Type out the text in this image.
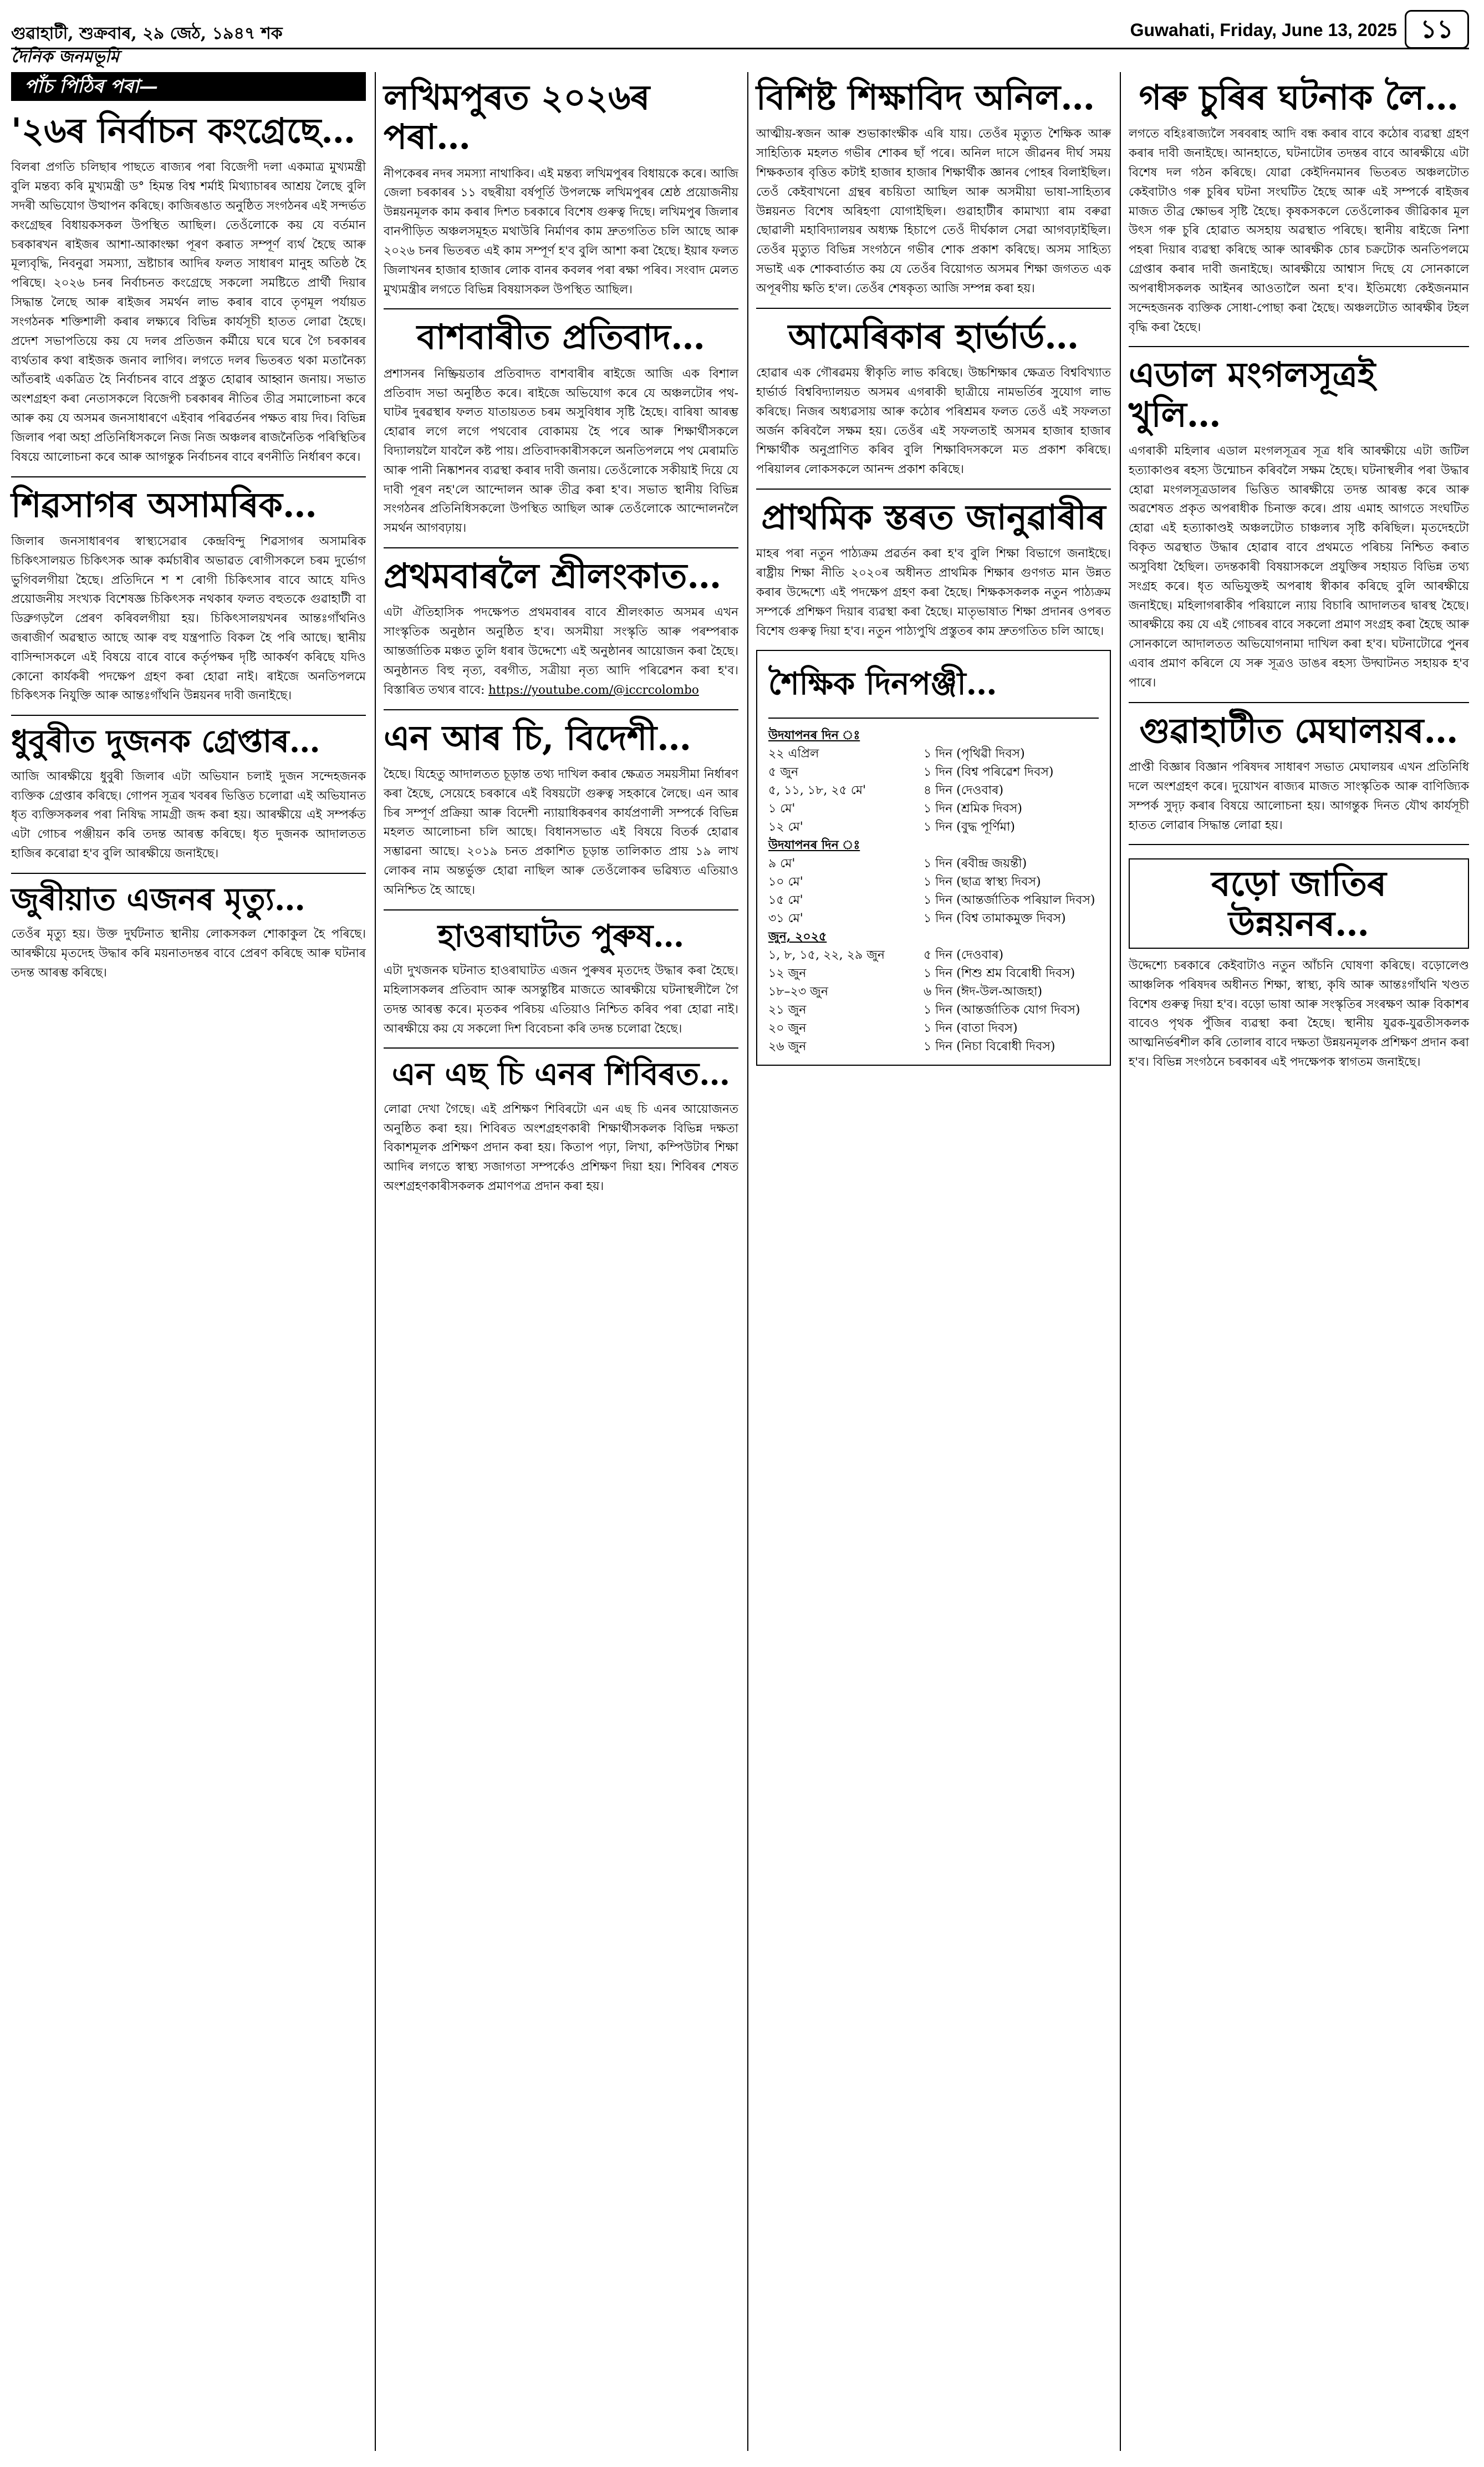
গুৱাহাটী, শুক্ৰবাৰ, ২৯ জেঠ, ১৯৪৭ শক	Guwahati, Friday, June 13, 2025 ১১
দৈনিক জনমভূমি
পাঁচ পিঠিৰ পৰা—
'২৬ৰ নিৰ্বাচন কংগ্ৰেছে…

বিলৰা প্ৰগতি চলিছাৰ পাছতে ৰাজ্যৰ পৰা বিজেপী দলা একমাত্ৰ মুখ্যমন্ত্ৰী বুলি মন্তব্য কৰি মুখ্যমন্ত্ৰী ড° হিমন্ত বিশ্ব শৰ্মাই মিথ্যাচাৰৰ আশ্ৰয় লৈছে বুলি সদৰী অভিযোগ উত্থাপন কৰিছে। কাজিৰঙাত অনুষ্ঠিত সংগঠনৰ এই সন্দৰ্ভত কংগ্ৰেছৰ বিধায়কসকল উপস্থিত আছিল। তেওঁলোকে কয় যে বৰ্তমান চৰকাৰখন ৰাইজৰ আশা-আকাংক্ষা পূৰণ কৰাত সম্পূৰ্ণ ব্যৰ্থ হৈছে আৰু মূল্যবৃদ্ধি, নিবনুৱা সমস্যা, ভ্ৰষ্টাচাৰ আদিৰ ফলত সাধাৰণ মানুহ অতিষ্ঠ হৈ পৰিছে। ২০২৬ চনৰ নিৰ্বাচনত কংগ্ৰেছে সকলো সমষ্টিতে প্ৰাৰ্থী দিয়াৰ সিদ্ধান্ত লৈছে আৰু ৰাইজৰ সমৰ্থন লাভ কৰাৰ বাবে তৃণমূল পৰ্যায়ত সংগঠনক শক্তিশালী কৰাৰ লক্ষ্যৰে বিভিন্ন কাৰ্যসূচী হাতত লোৱা হৈছে। প্ৰদেশ সভাপতিয়ে কয় যে দলৰ প্ৰতিজন কৰ্মীয়ে ঘৰে ঘৰে গৈ চৰকাৰৰ ব্যৰ্থতাৰ কথা ৰাইজক জনাব লাগিব। লগতে দলৰ ভিতৰত থকা মতানৈক্য আঁতৰাই একত্ৰিত হৈ নিৰ্বাচনৰ বাবে প্ৰস্তুত হোৱাৰ আহ্বান জনায়। সভাত অংশগ্ৰহণ কৰা নেতাসকলে বিজেপী চৰকাৰৰ নীতিৰ তীব্ৰ সমালোচনা কৰে আৰু কয় যে অসমৰ জনসাধাৰণে এইবাৰ পৰিৱৰ্তনৰ পক্ষত ৰায় দিব। বিভিন্ন জিলাৰ পৰা অহা প্ৰতিনিধিসকলে নিজ নিজ অঞ্চলৰ ৰাজনৈতিক পৰিস্থিতিৰ বিষয়ে আলোচনা কৰে আৰু আগন্তুক নিৰ্বাচনৰ বাবে ৰণনীতি নিৰ্ধাৰণ কৰে।

শিৱসাগৰ অসামৰিক…

জিলাৰ জনসাধাৰণৰ স্বাস্থ্যসেৱাৰ কেন্দ্ৰবিন্দু শিৱসাগৰ অসামৰিক চিকিৎসালয়ত চিকিৎসক আৰু কৰ্মচাৰীৰ অভাৱত ৰোগীসকলে চৰম দুৰ্ভোগ ভুগিবলগীয়া হৈছে। প্ৰতিদিনে শ শ ৰোগী চিকিৎসাৰ বাবে আহে যদিও প্ৰয়োজনীয় সংখ্যক বিশেষজ্ঞ চিকিৎসক নথকাৰ ফলত বহুতকে গুৱাহাটী বা ডিব্ৰুগড়লৈ প্ৰেৰণ কৰিবলগীয়া হয়। চিকিৎসালয়খনৰ আন্তঃগাঁথনিও জৰাজীৰ্ণ অৱস্থাত আছে আৰু বহু যন্ত্ৰপাতি বিকল হৈ পৰি আছে। স্থানীয় বাসিন্দাসকলে এই বিষয়ে বাৰে বাৰে কৰ্তৃপক্ষৰ দৃষ্টি আকৰ্ষণ কৰিছে যদিও কোনো কাৰ্যকৰী পদক্ষেপ গ্ৰহণ কৰা হোৱা নাই। ৰাইজে অনতিপলমে চিকিৎসক নিযুক্তি আৰু আন্তঃগাঁথনি উন্নয়নৰ দাবী জনাইছে।

ধুবুৰীত দুজনক গ্ৰেপ্তাৰ…

আজি আৰক্ষীয়ে ধুবুৰী জিলাৰ এটা অভিযান চলাই দুজন সন্দেহজনক ব্যক্তিক গ্ৰেপ্তাৰ কৰিছে। গোপন সূত্ৰৰ খবৰৰ ভিত্তিত চলোৱা এই অভিযানত ধৃত ব্যক্তিসকলৰ পৰা নিষিদ্ধ সামগ্ৰী জব্দ কৰা হয়। আৰক্ষীয়ে এই সম্পৰ্কত এটা গোচৰ পঞ্জীয়ন কৰি তদন্ত আৰম্ভ কৰিছে। ধৃত দুজনক আদালতত হাজিৰ কৰোৱা হ'ব বুলি আৰক্ষীয়ে জনাইছে।

জুৰীয়াত এজনৰ মৃত্যু…

তেওঁৰ মৃত্যু হয়। উক্ত দুৰ্ঘটনাত স্থানীয় লোকসকল শোকাকুল হৈ পৰিছে। আৰক্ষীয়ে মৃতদেহ উদ্ধাৰ কৰি ময়নাতদন্তৰ বাবে প্ৰেৰণ কৰিছে আৰু ঘটনাৰ তদন্ত আৰম্ভ কৰিছে।

লখিমপুৰত ২০২৬ৰ পৰা…

নীপকেৰৰ নদৰ সমস্যা নাথাকিব। এই মন্তব্য লখিমপুৰৰ বিধায়কে কৰে। আজি জেলা চৰকাৰৰ ১১ বছৰীয়া বৰ্ষপূৰ্তি উপলক্ষে লখিমপুৰৰ শ্ৰেষ্ঠ প্ৰয়োজনীয় উন্নয়নমূলক কাম কৰাৰ দিশত চৰকাৰে বিশেষ গুৰুত্ব দিছে। লখিমপুৰ জিলাৰ বানপীড়িত অঞ্চলসমূহত মথাউৰি নিৰ্মাণৰ কাম দ্ৰুতগতিত চলি আছে আৰু ২০২৬ চনৰ ভিতৰত এই কাম সম্পূৰ্ণ হ'ব বুলি আশা কৰা হৈছে। ইয়াৰ ফলত জিলাখনৰ হাজাৰ হাজাৰ লোক বানৰ কবলৰ পৰা ৰক্ষা পৰিব। সংবাদ মেলত মুখ্যমন্ত্ৰীৰ লগতে বিভিন্ন বিষয়াসকল উপস্থিত আছিল।

বাশবাৰীত প্ৰতিবাদ…

প্ৰশাসনৰ নিষ্ক্ৰিয়তাৰ প্ৰতিবাদত বাশবাৰীৰ ৰাইজে আজি এক বিশাল প্ৰতিবাদ সভা অনুষ্ঠিত কৰে। ৰাইজে অভিযোগ কৰে যে অঞ্চলটোৰ পথ-ঘাটৰ দুৰৱস্থাৰ ফলত যাতায়তত চৰম অসুবিধাৰ সৃষ্টি হৈছে। বাৰিষা আৰম্ভ হোৱাৰ লগে লগে পথবোৰ বোকাময় হৈ পৰে আৰু শিক্ষাৰ্থীসকলে বিদ্যালয়লৈ যাবলৈ কষ্ট পায়। প্ৰতিবাদকাৰীসকলে অনতিপলমে পথ মেৰামতি আৰু পানী নিষ্কাশনৰ ব্যৱস্থা কৰাৰ দাবী জনায়। তেওঁলোকে সকীয়াই দিয়ে যে দাবী পূৰণ নহ'লে আন্দোলন আৰু তীব্ৰ কৰা হ'ব। সভাত স্থানীয় বিভিন্ন সংগঠনৰ প্ৰতিনিধিসকলো উপস্থিত আছিল আৰু তেওঁলোকে আন্দোলনলৈ সমৰ্থন আগবঢ়ায়।

প্ৰথমবাৰলৈ শ্ৰীলংকাত…

এটা ঐতিহাসিক পদক্ষেপত প্ৰথমবাৰৰ বাবে শ্ৰীলংকাত অসমৰ এখন সাংস্কৃতিক অনুষ্ঠান অনুষ্ঠিত হ'ব। অসমীয়া সংস্কৃতি আৰু পৰম্পৰাক আন্তৰ্জাতিক মঞ্চত তুলি ধৰাৰ উদ্দেশ্যে এই অনুষ্ঠানৰ আয়োজন কৰা হৈছে। অনুষ্ঠানত বিহু নৃত্য, বৰগীত, সত্ৰীয়া নৃত্য আদি পৰিৱেশন কৰা হ'ব। বিস্তাৰিত তথ্যৰ বাবে: https://youtube.com/@iccrcolombo

এন আৰ চি, বিদেশী…

হৈছে। যিহেতু আদালতত চূড়ান্ত তথ্য দাখিল কৰাৰ ক্ষেত্ৰত সময়সীমা নিৰ্ধাৰণ কৰা হৈছে, সেয়েহে চৰকাৰে এই বিষয়টো গুৰুত্ব সহকাৰে লৈছে। এন আৰ চিৰ সম্পূৰ্ণ প্ৰক্ৰিয়া আৰু বিদেশী ন্যায়াধিকৰণৰ কাৰ্যপ্ৰণালী সম্পৰ্কে বিভিন্ন মহলত আলোচনা চলি আছে। বিধানসভাত এই বিষয়ে বিতৰ্ক হোৱাৰ সম্ভাৱনা আছে। ২০১৯ চনত প্ৰকাশিত চূড়ান্ত তালিকাত প্ৰায় ১৯ লাখ লোকৰ নাম অন্তৰ্ভুক্ত হোৱা নাছিল আৰু তেওঁলোকৰ ভৱিষ্যত এতিয়াও অনিশ্চিত হৈ আছে।

হাওৰাঘাটত পুৰুষ…

এটা দুখজনক ঘটনাত হাওৰাঘাটত এজন পুৰুষৰ মৃতদেহ উদ্ধাৰ কৰা হৈছে। মহিলাসকলৰ প্ৰতিবাদ আৰু অসন্তুষ্টিৰ মাজতে আৰক্ষীয়ে ঘটনাস্থলীলৈ গৈ তদন্ত আৰম্ভ কৰে। মৃতকৰ পৰিচয় এতিয়াও নিশ্চিত কৰিব পৰা হোৱা নাই। আৰক্ষীয়ে কয় যে সকলো দিশ বিবেচনা কৰি তদন্ত চলোৱা হৈছে।

এন এছ চি এনৰ শিবিৰত…

লোৱা দেখা গৈছে। এই প্ৰশিক্ষণ শিবিৰটো এন এছ চি এনৰ আয়োজনত অনুষ্ঠিত কৰা হয়। শিবিৰত অংশগ্ৰহণকাৰী শিক্ষাৰ্থীসকলক বিভিন্ন দক্ষতা বিকাশমূলক প্ৰশিক্ষণ প্ৰদান কৰা হয়। কিতাপ পঢ়া, লিখা, কম্পিউটাৰ শিক্ষা আদিৰ লগতে স্বাস্থ্য সজাগতা সম্পৰ্কেও প্ৰশিক্ষণ দিয়া হয়। শিবিৰৰ শেষত অংশগ্ৰহণকাৰীসকলক প্ৰমাণপত্ৰ প্ৰদান কৰা হয়।

বিশিষ্ট শিক্ষাবিদ অনিল…

আত্মীয়-স্বজন আৰু শুভাকাংক্ষীক এৰি যায়। তেওঁৰ মৃত্যুত শৈক্ষিক আৰু সাহিত্যিক মহলত গভীৰ শোকৰ ছাঁ পৰে। অনিল দাসে জীৱনৰ দীৰ্ঘ সময় শিক্ষকতাৰ বৃত্তিত কটাই হাজাৰ হাজাৰ শিক্ষাৰ্থীক জ্ঞানৰ পোহৰ বিলাইছিল। তেওঁ কেইবাখনো গ্ৰন্থৰ ৰচয়িতা আছিল আৰু অসমীয়া ভাষা-সাহিত্যৰ উন্নয়নত বিশেষ অৰিহণা যোগাইছিল। গুৱাহাটীৰ কামাখ্যা ৰাম বৰুৱা ছোৱালী মহাবিদ্যালয়ৰ অধ্যক্ষ হিচাপে তেওঁ দীৰ্ঘকাল সেৱা আগবঢ়াইছিল। তেওঁৰ মৃত্যুত বিভিন্ন সংগঠনে গভীৰ শোক প্ৰকাশ কৰিছে। অসম সাহিত্য সভাই এক শোকবাৰ্তাত কয় যে তেওঁৰ বিয়োগত অসমৰ শিক্ষা জগতত এক অপূৰণীয় ক্ষতি হ'ল। তেওঁৰ শেষকৃত্য আজি সম্পন্ন কৰা হয়।

আমেৰিকাৰ হাৰ্ভাৰ্ড…

হোৱাৰ এক গৌৰৱময় স্বীকৃতি লাভ কৰিছে। উচ্চশিক্ষাৰ ক্ষেত্ৰত বিশ্ববিখ্যাত হাৰ্ভাৰ্ড বিশ্ববিদ্যালয়ত অসমৰ এগৰাকী ছাত্ৰীয়ে নামভৰ্তিৰ সুযোগ লাভ কৰিছে। নিজৰ অধ্যৱসায় আৰু কঠোৰ পৰিশ্ৰমৰ ফলত তেওঁ এই সফলতা অৰ্জন কৰিবলৈ সক্ষম হয়। তেওঁৰ এই সফলতাই অসমৰ হাজাৰ হাজাৰ শিক্ষাৰ্থীক অনুপ্ৰাণিত কৰিব বুলি শিক্ষাবিদসকলে মত প্ৰকাশ কৰিছে। পৰিয়ালৰ লোকসকলে আনন্দ প্ৰকাশ কৰিছে।

প্ৰাথমিক স্তৰত জানুৱাৰীৰ

মাহৰ পৰা নতুন পাঠ্যক্ৰম প্ৰৱৰ্তন কৰা হ'ব বুলি শিক্ষা বিভাগে জনাইছে। ৰাষ্ট্ৰীয় শিক্ষা নীতি ২০২০ৰ অধীনত প্ৰাথমিক শিক্ষাৰ গুণগত মান উন্নত কৰাৰ উদ্দেশ্যে এই পদক্ষেপ গ্ৰহণ কৰা হৈছে। শিক্ষকসকলক নতুন পাঠ্যক্ৰম সম্পৰ্কে প্ৰশিক্ষণ দিয়াৰ ব্যৱস্থা কৰা হৈছে। মাতৃভাষাত শিক্ষা প্ৰদানৰ ওপৰত বিশেষ গুৰুত্ব দিয়া হ'ব। নতুন পাঠ্যপুথি প্ৰস্তুতৰ কাম দ্ৰুতগতিত চলি আছে।

শৈক্ষিক দিনপঞ্জী…
উদযাপনৰ দিন ঃ
২২ এপ্ৰিল	১ দিন (পৃথিৱী দিবস)
৫ জুন	১ দিন (বিশ্ব পৰিৱেশ দিবস)
৫, ১১, ১৮, ২৫ মে'	৪ দিন (দেওবাৰ)
১ মে'	১ দিন (শ্ৰমিক দিবস)
১২ মে'	১ দিন (বুদ্ধ পূৰ্ণিমা)
উদযাপনৰ দিন ঃ
৯ মে'	১ দিন (ৰবীন্দ্ৰ জয়ন্তী)
১০ মে'	১ দিন (ছাত্ৰ স্বাস্থ্য দিবস)
১৫ মে'	১ দিন (আন্তৰ্জাতিক পৰিয়াল দিবস)
৩১ মে'	১ দিন (বিশ্ব তামাকমুক্ত দিবস)
জুন, ২০২৫
১, ৮, ১৫, ২২, ২৯ জুন	৫ দিন (দেওবাৰ)
১২ জুন	১ দিন (শিশু শ্ৰম বিৰোধী দিবস)
১৮–২৩ জুন	৬ দিন (ঈদ-উল-আজহা)
২১ জুন	১ দিন (আন্তৰ্জাতিক যোগ দিবস)
২০ জুন	১ দিন (বাতা দিবস)
২৬ জুন	১ দিন (নিচা বিৰোধী দিবস)
গৰু চুৰিৰ ঘটনাক লৈ…

লগতে বহিঃৰাজ্যলৈ সৰবৰাহ আদি বন্ধ কৰাৰ বাবে কঠোৰ ব্যৱস্থা গ্ৰহণ কৰাৰ দাবী জনাইছে। আনহাতে, ঘটনাটোৰ তদন্তৰ বাবে আৰক্ষীয়ে এটা বিশেষ দল গঠন কৰিছে। যোৱা কেইদিনমানৰ ভিতৰত অঞ্চলটোত কেইবাটাও গৰু চুৰিৰ ঘটনা সংঘটিত হৈছে আৰু এই সম্পৰ্কে ৰাইজৰ মাজত তীব্ৰ ক্ষোভৰ সৃষ্টি হৈছে। কৃষকসকলে তেওঁলোকৰ জীৱিকাৰ মূল উৎস গৰু চুৰি হোৱাত অসহায় অৱস্থাত পৰিছে। স্থানীয় ৰাইজে নিশা পহৰা দিয়াৰ ব্যৱস্থা কৰিছে আৰু আৰক্ষীক চোৰ চক্ৰটোক অনতিপলমে গ্ৰেপ্তাৰ কৰাৰ দাবী জনাইছে। আৰক্ষীয়ে আশ্বাস দিছে যে সোনকালে অপৰাধীসকলক আইনৰ আওতালৈ অনা হ'ব। ইতিমধ্যে কেইজনমান সন্দেহজনক ব্যক্তিক সোধা-পোছা কৰা হৈছে। অঞ্চলটোত আৰক্ষীৰ টহল বৃদ্ধি কৰা হৈছে।

এডাল মংগলসূত্ৰই খুলি…

এগৰাকী মহিলাৰ এডাল মংগলসূত্ৰৰ সূত্ৰ ধৰি আৰক্ষীয়ে এটা জটিল হত্যাকাণ্ডৰ ৰহস্য উন্মোচন কৰিবলৈ সক্ষম হৈছে। ঘটনাস্থলীৰ পৰা উদ্ধাৰ হোৱা মংগলসূত্ৰডালৰ ভিত্তিত আৰক্ষীয়ে তদন্ত আৰম্ভ কৰে আৰু অৱশেষত প্ৰকৃত অপৰাধীক চিনাক্ত কৰে। প্ৰায় এমাহ আগতে সংঘটিত হোৱা এই হত্যাকাণ্ডই অঞ্চলটোত চাঞ্চল্যৰ সৃষ্টি কৰিছিল। মৃতদেহটো বিকৃত অৱস্থাত উদ্ধাৰ হোৱাৰ বাবে প্ৰথমতে পৰিচয় নিশ্চিত কৰাত অসুবিধা হৈছিল। তদন্তকাৰী বিষয়াসকলে প্ৰযুক্তিৰ সহায়ত বিভিন্ন তথ্য সংগ্ৰহ কৰে। ধৃত অভিযুক্তই অপৰাধ স্বীকাৰ কৰিছে বুলি আৰক্ষীয়ে জনাইছে। মহিলাগৰাকীৰ পৰিয়ালে ন্যায় বিচাৰি আদালতৰ দ্বাৰস্থ হৈছে। আৰক্ষীয়ে কয় যে এই গোচৰৰ বাবে সকলো প্ৰমাণ সংগ্ৰহ কৰা হৈছে আৰু সোনকালে আদালতত অভিযোগনামা দাখিল কৰা হ'ব। ঘটনাটোৱে পুনৰ এবাৰ প্ৰমাণ কৰিলে যে সৰু সূত্ৰও ডাঙৰ ৰহস্য উদ্ঘাটনত সহায়ক হ'ব পাৰে।

গুৱাহাটীত মেঘালয়ৰ…

প্ৰাপ্তী বিজ্ঞাৰ বিজ্ঞান পৰিষদৰ সাধাৰণ সভাত মেঘালয়ৰ এখন প্ৰতিনিধি দলে অংশগ্ৰহণ কৰে। দুয়োখন ৰাজ্যৰ মাজত সাংস্কৃতিক আৰু বাণিজ্যিক সম্পৰ্ক সুদৃঢ় কৰাৰ বিষয়ে আলোচনা হয়। আগন্তুক দিনত যৌথ কাৰ্যসূচী হাতত লোৱাৰ সিদ্ধান্ত লোৱা হয়।

বড়ো জাতিৰ উন্নয়নৰ…

উদ্দেশ্যে চৰকাৰে কেইবাটাও নতুন আঁচনি ঘোষণা কৰিছে। বড়োলেণ্ড আঞ্চলিক পৰিষদৰ অধীনত শিক্ষা, স্বাস্থ্য, কৃষি আৰু আন্তঃগাঁথনি খণ্ডত বিশেষ গুৰুত্ব দিয়া হ'ব। বড়ো ভাষা আৰু সংস্কৃতিৰ সংৰক্ষণ আৰু বিকাশৰ বাবেও পৃথক পুঁজিৰ ব্যৱস্থা কৰা হৈছে। স্থানীয় যুৱক-যুৱতীসকলক আত্মনিৰ্ভৰশীল কৰি তোলাৰ বাবে দক্ষতা উন্নয়নমূলক প্ৰশিক্ষণ প্ৰদান কৰা হ'ব। বিভিন্ন সংগঠনে চৰকাৰৰ এই পদক্ষেপক স্বাগতম জনাইছে।
